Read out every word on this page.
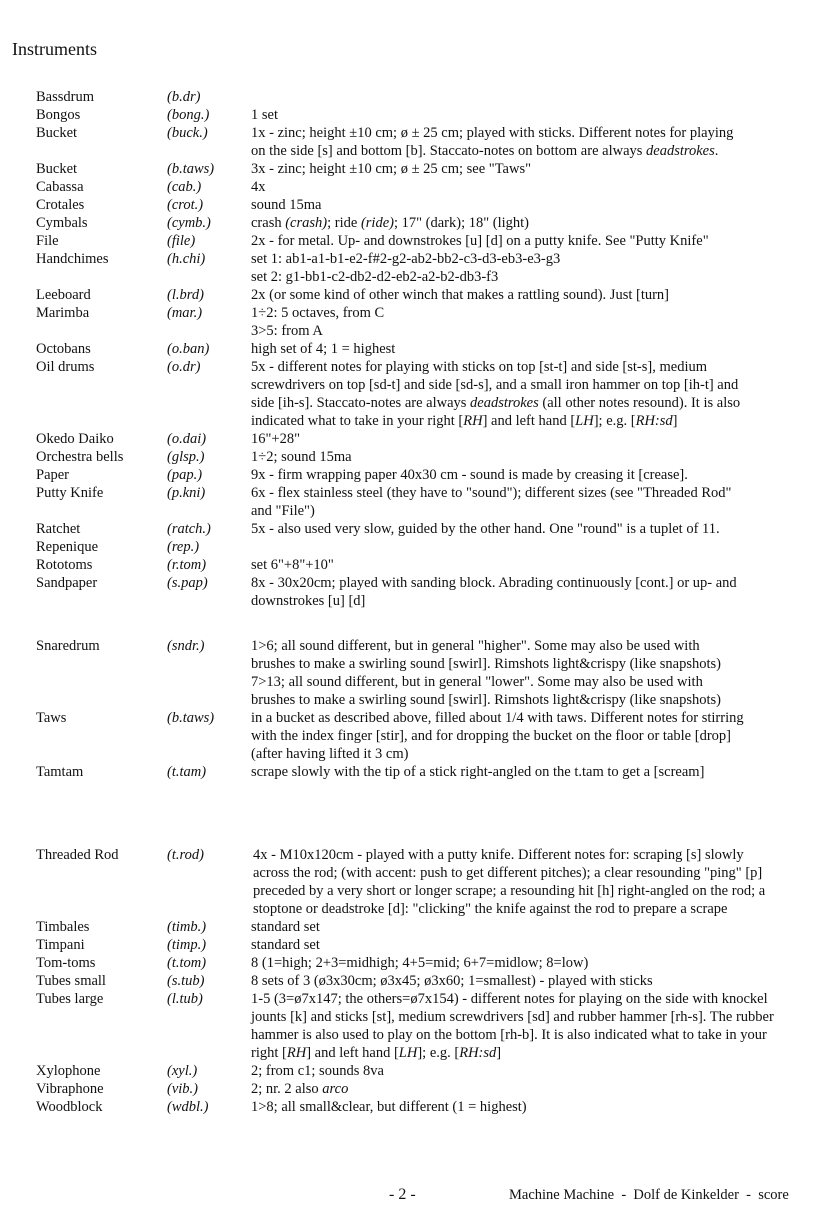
Instruments
Bassdrum	(b.dr)
Bongos	(bong.)	1 set
Bucket	(buck.)	1x - zinc; height ±10 cm; ø ± 25 cm; played with sticks. Different notes for playing
on the side [s] and bottom [b]. Staccato-notes on bottom are always deadstrokes.
Bucket	(b.taws)	3x - zinc; height ±10 cm; ø ± 25 cm; see "Taws"
Cabassa	(cab.)	4x
Crotales	(crot.)	sound 15ma
Cymbals	(cymb.)	crash (crash); ride (ride); 17" (dark); 18" (light)
File	(file)	2x - for metal. Up- and downstrokes [u] [d] on a putty knife. See "Putty Knife"
Handchimes	(h.chi)	set 1: ab1-a1-b1-e2-f#2-g2-ab2-bb2-c3-d3-eb3-e3-g3
set 2: g1-bb1-c2-db2-d2-eb2-a2-b2-db3-f3
Leeboard	(l.brd)	2x (or some kind of other winch that makes a rattling sound). Just [turn]
Marimba	(mar.)	1÷2: 5 octaves, from C
3>5: from A
Octobans	(o.ban)	high set of 4; 1 = highest
Oil drums	(o.dr)	5x - different notes for playing with sticks on top [st-t] and side [st-s], medium
screwdrivers on top [sd-t] and side [sd-s], and a small iron hammer on top [ih-t] and
side [ih-s]. Staccato-notes are always deadstrokes (all other notes resound). It is also
indicated what to take in your right [RH] and left hand [LH]; e.g. [RH:sd]
Okedo Daiko	(o.dai)	16"+28"
Orchestra bells	(glsp.)	1÷2; sound 15ma
Paper	(pap.)	9x - firm wrapping paper 40x30 cm - sound is made by creasing it [crease].
Putty Knife	(p.kni)	6x - flex stainless steel (they have to "sound"); different sizes (see "Threaded Rod"
and "File")
Ratchet	(ratch.)	5x - also used very slow, guided by the other hand. One "round" is a tuplet of 11.
Repenique	(rep.)
Rototoms	(r.tom)	set 6"+8"+10"
Sandpaper	(s.pap)	8x - 30x20cm; played with sanding block. Abrading continuously [cont.] or up- and
downstrokes [u] [d]
Snaredrum	(sndr.)	1>6; all sound different, but in general "higher". Some may also be used with
brushes to make a swirling sound [swirl]. Rimshots light&crispy (like snapshots)
7>13; all sound different, but in general "lower". Some may also be used with
brushes to make a swirling sound [swirl]. Rimshots light&crispy (like snapshots)
Taws	(b.taws)	in a bucket as described above, filled about 1/4 with taws. Different notes for stirring
with the index finger [stir], and for dropping the bucket on the floor or table [drop]
(after having lifted it 3 cm)
Tamtam	(t.tam)	scrape slowly with the tip of a stick right-angled on the t.tam to get a [scream]
Threaded Rod	(t.rod)	4x - M10x120cm - played with a putty knife. Different notes for: scraping [s] slowly
across the rod; (with accent: push to get different pitches); a clear resounding "ping" [p]
preceded by a very short or longer scrape; a resounding hit [h] right-angled on the rod; a
stoptone or deadstroke [d]: "clicking" the knife against the rod to prepare a scrape
Timbales	(timb.)	standard set
Timpani	(timp.)	standard set
Tom-toms	(t.tom)	8 (1=high; 2+3=midhigh; 4+5=mid; 6+7=midlow; 8=low)
Tubes small	(s.tub)	8 sets of 3 (ø3x30cm; ø3x45; ø3x60; 1=smallest) - played with sticks
Tubes large	(l.tub)	1-5 (3=ø7x147; the others=ø7x154) - different notes for playing on the side with knockel
jounts [k] and sticks [st], medium screwdrivers [sd] and rubber hammer [rh-s]. The rubber
hammer is also used to play on the bottom [rh-b]. It is also indicated what to take in your
right [RH] and left hand [LH]; e.g. [RH:sd]
Xylophone	(xyl.)	2; from c1; sounds 8va
Vibraphone	(vib.)	2; nr. 2 also arco
Woodblock	(wdbl.)	1>8; all small&clear, but different (1 = highest)
- 2 -	Machine Machine  -  Dolf de Kinkelder  -  score
